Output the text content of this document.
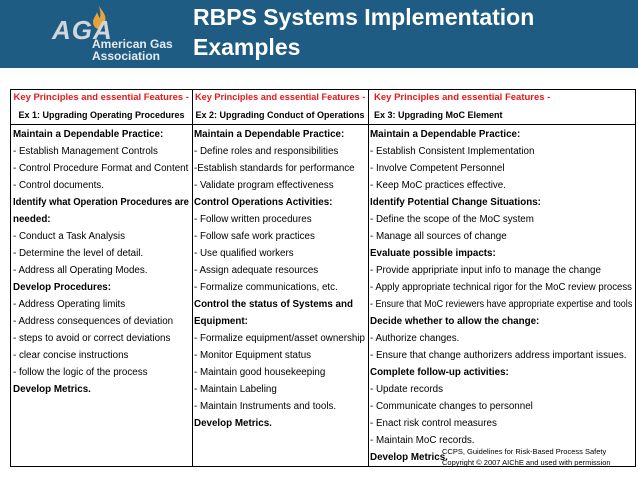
AGA
American Gas
Association
RBPS Systems Implementation
Examples
Key Principles and essential Features -
Ex 1: Upgrading Operating Procedures
Maintain a Dependable Practice:
- Establish Management Controls
- Control Procedure Format and Content
- Control documents.
Identify what Operation Procedures are
needed:
- Conduct a Task Analysis
- Determine the level of detail.
- Address all Operating Modes.
Develop Procedures:
- Address Operating limits
- Address consequences of deviation
- steps to avoid or correct deviations
- clear concise instructions
- follow the logic of the process
Develop Metrics.
Key Principles and essential Features -
Ex 2: Upgrading Conduct of Operations
Maintain a Dependable Practice:
- Define roles and responsibilities
-Establish standards for performance
- Validate program effectiveness
Control Operations Activities:
- Follow written procedures
- Follow safe work practices
- Use qualified workers
- Assign adequate resources
- Formalize communications, etc.
Control the status of Systems and
Equipment:
- Formalize equipment/asset ownership
- Monitor Equipment status
- Maintain good housekeeping
- Maintain Labeling
- Maintain Instruments and tools.
Develop Metrics.
Key Principles and essential Features -
Ex 3: Upgrading MoC Element
Maintain a Dependable Practice:
- Establish Consistent Implementation
- Involve Competent Personnel
- Keep MoC practices effective.
Identify Potential Change Situations:
- Define the scope of the MoC system
- Manage all sources of change
Evaluate possible impacts:
- Provide appripriate input info to manage the change
- Apply appropriate technical rigor for the MoC review process
- Ensure that MoC reviewers have appropriate expertise and tools
Decide whether to allow the change:
- Authorize changes.
- Ensure that change authorizers address important issues.
Complete follow-up activities:
- Update records
- Communicate changes to personnel
- Enact risk control measures
- Maintain MoC records.
Develop Metrics.
CCPS, Guidelines for Risk-Based Process Safety
Copyright © 2007 AIChE and used with permission
